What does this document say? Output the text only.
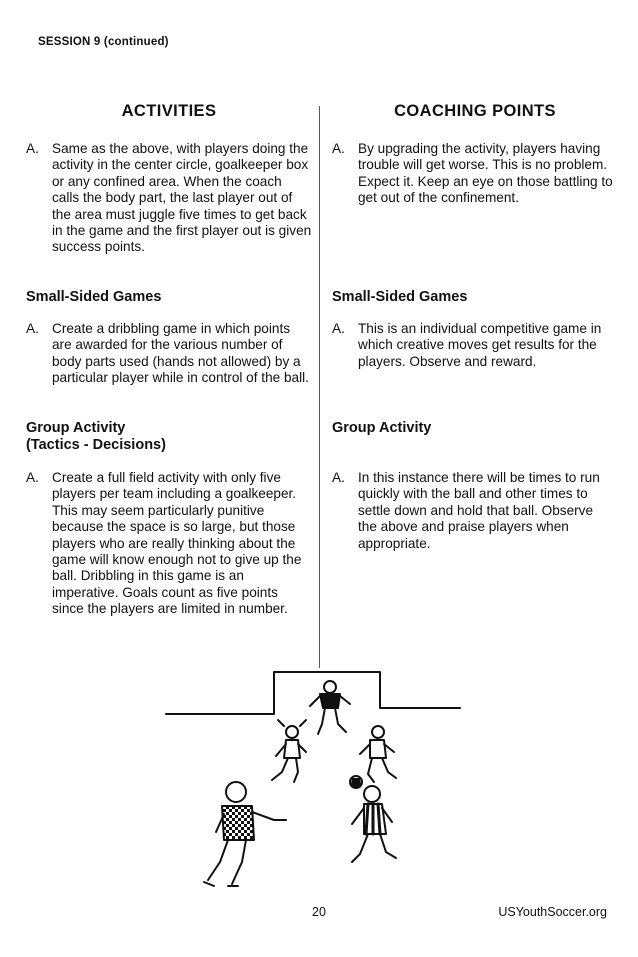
SESSION 9 (continued)
ACTIVITIES
A. Same as the above, with players doing the activity in the center circle, goalkeeper box or any confined area. When the coach calls the body part, the last player out of the area must juggle five times to get back in the game and the first player out is given success points.
Small-Sided Games
A. Create a dribbling game in which points are awarded for the various number of body parts used (hands not allowed) by a particular player while in control of the ball.
Group Activity
(Tactics - Decisions)
A. Create a full field activity with only five players per team including a goalkeeper. This may seem particularly punitive because the space is so large, but those players who are really thinking about the game will know enough not to give up the ball. Dribbling in this game is an imperative. Goals count as five points since the players are limited in number.
COACHING POINTS
A. By upgrading the activity, players having trouble will get worse. This is no problem. Expect it. Keep an eye on those battling to get out of the confinement.
Small-Sided Games
A. This is an individual competitive game in which creative moves get results for the players. Observe and reward.
Group Activity
A. In this instance there will be times to run quickly with the ball and other times to settle down and hold that ball. Observe the above and praise players when appropriate.
20	USYouthSoccer.org
